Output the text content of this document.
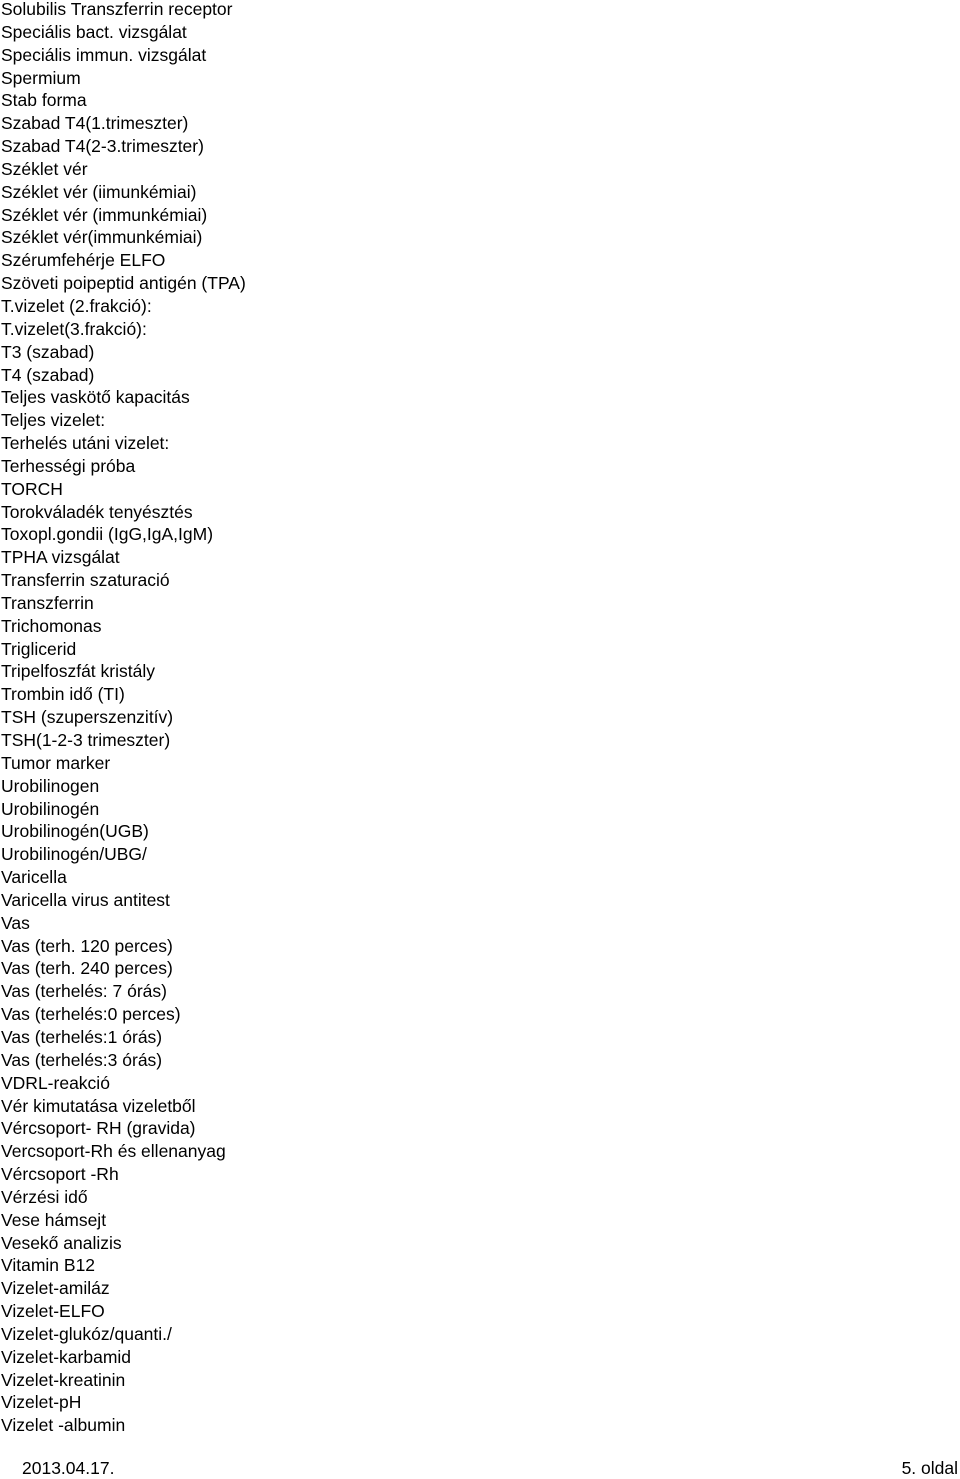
Solubilis Transzferrin receptor
Speciális bact. vizsgálat
Speciális immun. vizsgálat
Spermium
Stab forma
Szabad T4(1.trimeszter)
Szabad T4(2-3.trimeszter)
Széklet vér
Széklet vér (iimunkémiai)
Széklet vér (immunkémiai)
Széklet vér(immunkémiai)
Szérumfehérje ELFO
Szöveti poipeptid antigén (TPA)
T.vizelet (2.frakció):
T.vizelet(3.frakció):
T3 (szabad)
T4 (szabad)
Teljes vaskötő kapacitás
Teljes vizelet:
Terhelés utáni vizelet:
Terhességi próba
TORCH
Torokváladék tenyésztés
Toxopl.gondii (IgG,IgA,IgM)
TPHA vizsgálat
Transferrin szaturació
Transzferrin
Trichomonas
Triglicerid
Tripelfoszfát kristály
Trombin idő (TI)
TSH (szuperszenzitív)
TSH(1-2-3 trimeszter)
Tumor marker
Urobilinogen
Urobilinogén
Urobilinogén(UGB)
Urobilinogén/UBG/
Varicella
Varicella virus antitest
Vas
Vas (terh. 120 perces)
Vas (terh. 240 perces)
Vas (terhelés: 7 órás)
Vas (terhelés:0 perces)
Vas (terhelés:1 órás)
Vas (terhelés:3 órás)
VDRL-reakció
Vér kimutatása vizeletből
Vércsoport- RH (gravida)
Vercsoport-Rh és ellenanyag
Vércsoport -Rh
Vérzési idő
Vese hámsejt
Vesekő analizis
Vitamin B12
Vizelet-amiláz
Vizelet-ELFO
Vizelet-glukóz/quanti./
Vizelet-karbamid
Vizelet-kreatinin
Vizelet-pH
Vizelet -albumin
2013.04.17.	5. oldal
